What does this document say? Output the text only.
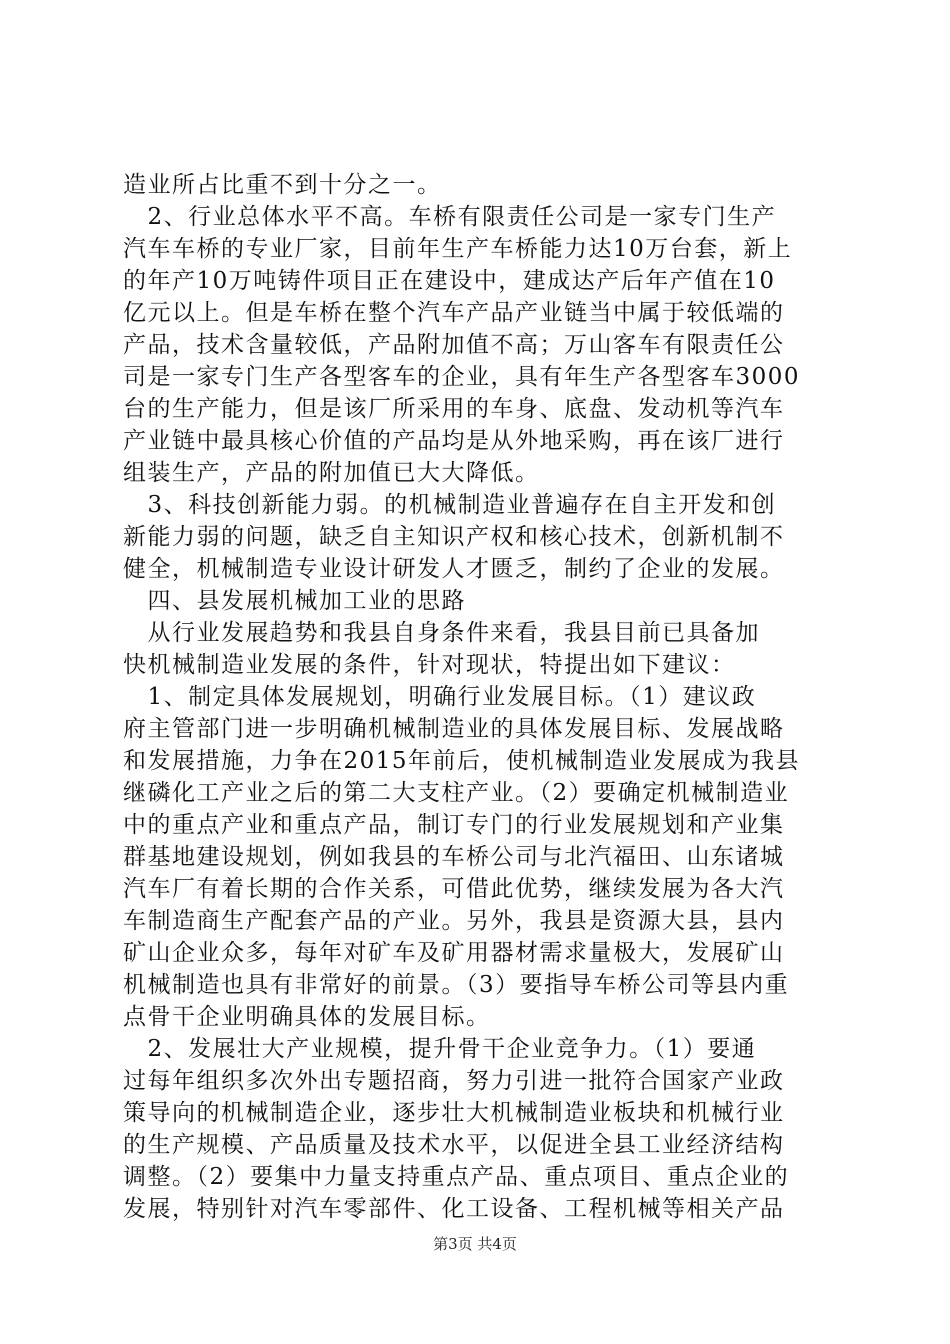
造业所占比重不到十分之一。
　2、行业总体水平不高。车桥有限责任公司是一家专门生产
汽车车桥的专业厂家，目前年生产车桥能力达10万台套，新上
的年产10万吨铸件项目正在建设中，建成达产后年产值在10
亿元以上。但是车桥在整个汽车产品产业链当中属于较低端的
产品，技术含量较低，产品附加值不高；万山客车有限责任公
司是一家专门生产各型客车的企业，具有年生产各型客车3000
台的生产能力，但是该厂所采用的车身、底盘、发动机等汽车
产业链中最具核心价值的产品均是从外地采购，再在该厂进行
组装生产，产品的附加值已大大降低。
　3、科技创新能力弱。的机械制造业普遍存在自主开发和创
新能力弱的问题，缺乏自主知识产权和核心技术，创新机制不
健全，机械制造专业设计研发人才匮乏，制约了企业的发展。
　四、县发展机械加工业的思路
　从行业发展趋势和我县自身条件来看，我县目前已具备加
快机械制造业发展的条件，针对现状，特提出如下建议：
　1、制定具体发展规划，明确行业发展目标。（1）建议政
府主管部门进一步明确机械制造业的具体发展目标、发展战略
和发展措施，力争在2015年前后，使机械制造业发展成为我县
继磷化工产业之后的第二大支柱产业。（2）要确定机械制造业
中的重点产业和重点产品，制订专门的行业发展规划和产业集
群基地建设规划，例如我县的车桥公司与北汽福田、山东诸城
汽车厂有着长期的合作关系，可借此优势，继续发展为各大汽
车制造商生产配套产品的产业。另外，我县是资源大县，县内
矿山企业众多，每年对矿车及矿用器材需求量极大，发展矿山
机械制造也具有非常好的前景。（3）要指导车桥公司等县内重
点骨干企业明确具体的发展目标。
　2、发展壮大产业规模，提升骨干企业竞争力。（1）要通
过每年组织多次外出专题招商，努力引进一批符合国家产业政
策导向的机械制造企业，逐步壮大机械制造业板块和机械行业
的生产规模、产品质量及技术水平，以促进全县工业经济结构
调整。（2）要集中力量支持重点产品、重点项目、重点企业的
发展，特别针对汽车零部件、化工设备、工程机械等相关产品
第3页 共4页
